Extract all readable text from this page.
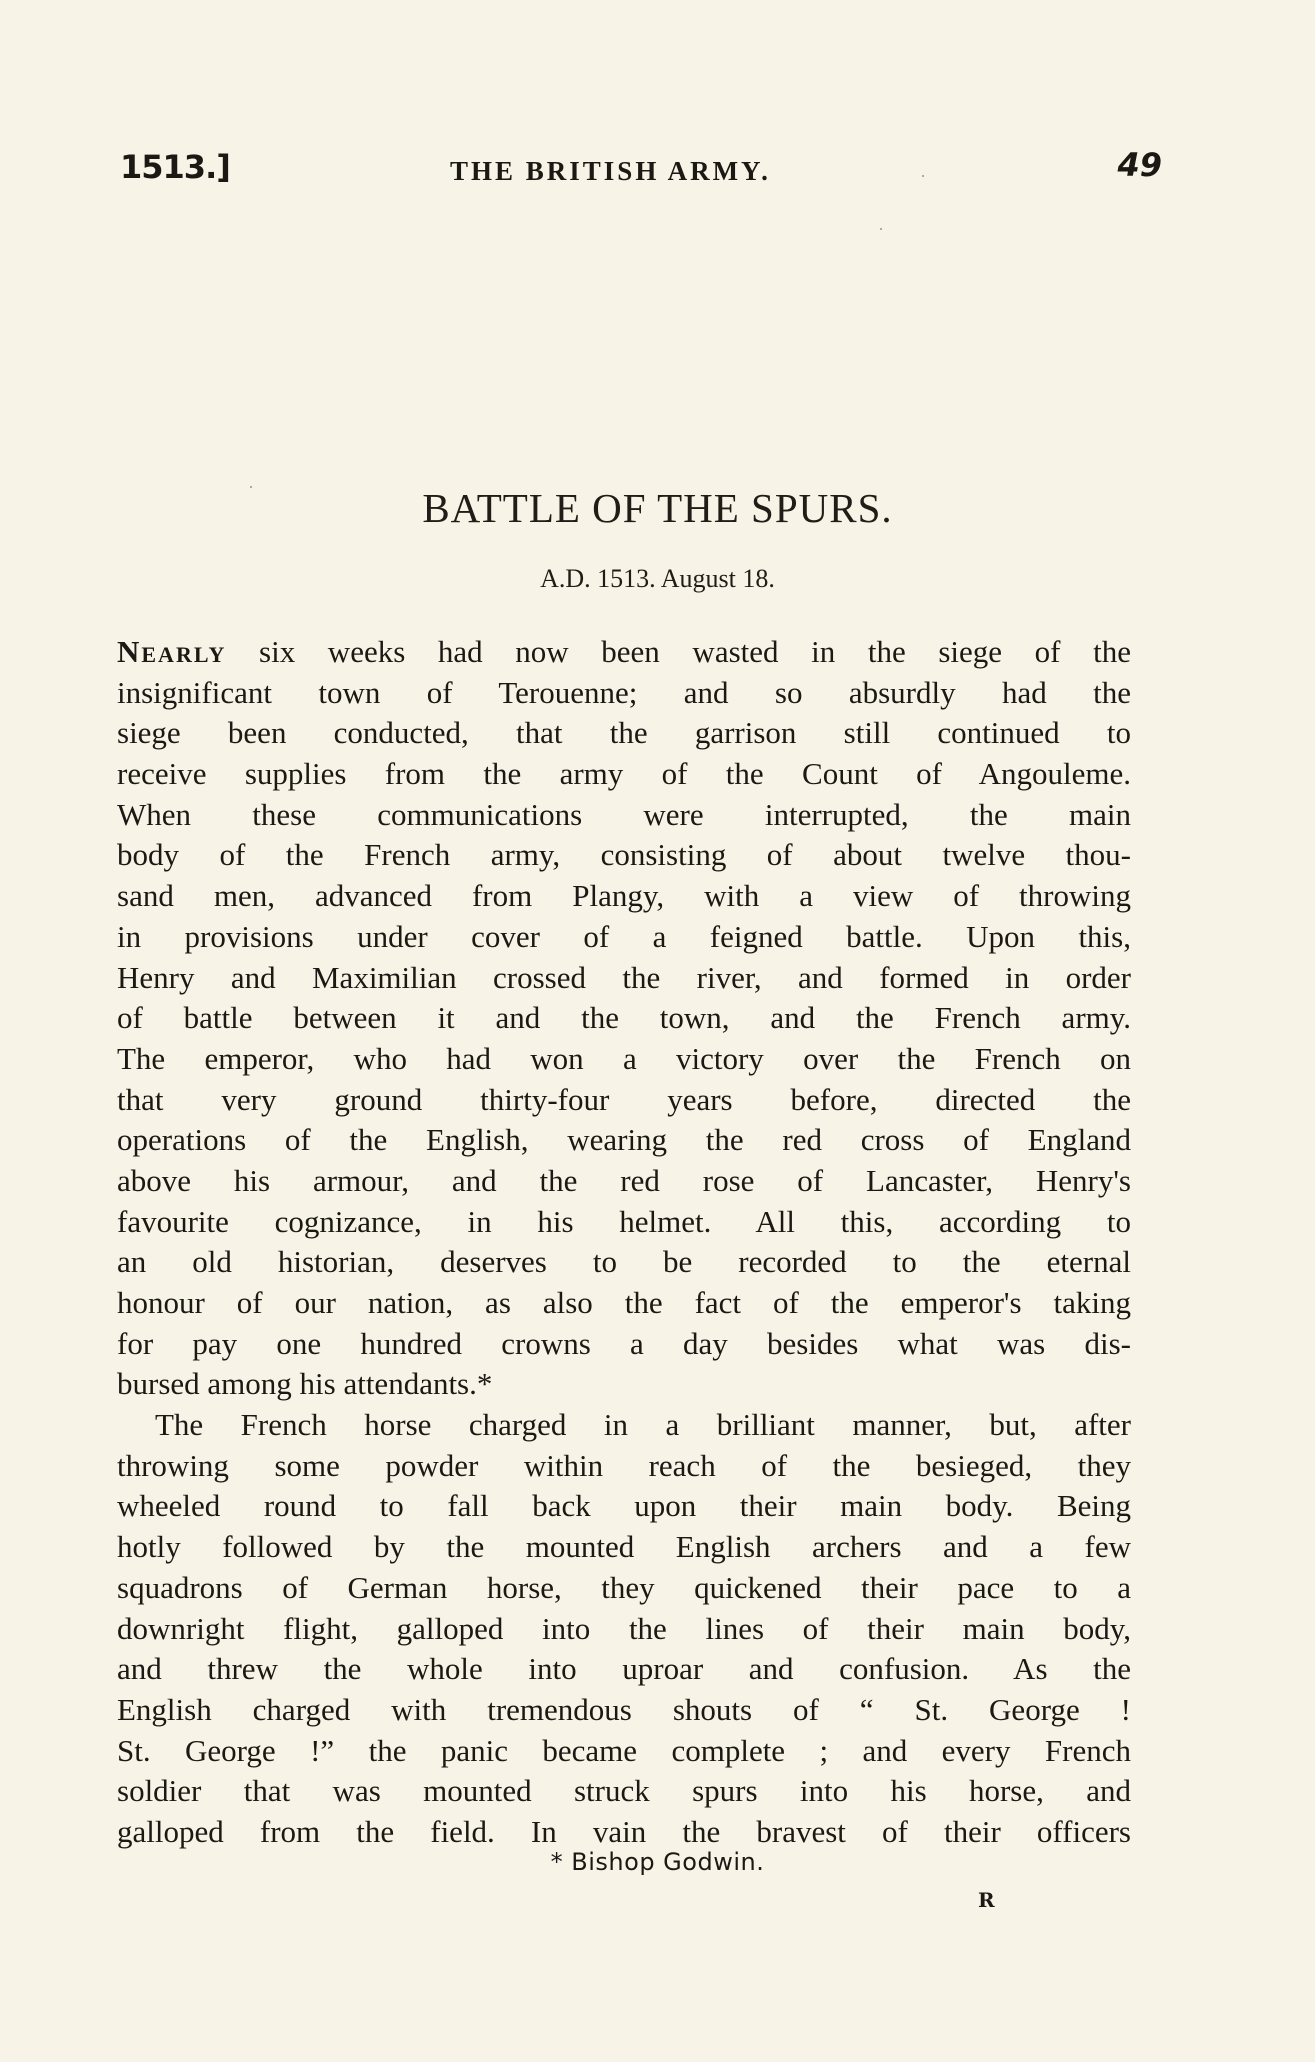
1513.]	THE BRITISH ARMY.	49
BATTLE OF THE SPURS.
A.D. 1513. August 18.
Nearly six weeks had now been wasted in the siege of the
insignificant town of Terouenne; and so absurdly had the
siege been conducted, that the garrison still continued to
receive supplies from the army of the Count of Angouleme.
When these communications were interrupted, the main
body of the French army, consisting of about twelve thou-
sand men, advanced from Plangy, with a view of throwing
in provisions under cover of a feigned battle. Upon this,
Henry and Maximilian crossed the river, and formed in order
of battle between it and the town, and the French army.
The emperor, who had won a victory over the French on
that very ground thirty-four years before, directed the
operations of the English, wearing the red cross of England
above his armour, and the red rose of Lancaster, Henry's
favourite cognizance, in his helmet. All this, according to
an old historian, deserves to be recorded to the eternal
honour of our nation, as also the fact of the emperor's taking
for pay one hundred crowns a day besides what was dis-
bursed among his attendants.*
The French horse charged in a brilliant manner, but, after
throwing some powder within reach of the besieged, they
wheeled round to fall back upon their main body. Being
hotly followed by the mounted English archers and a few
squadrons of German horse, they quickened their pace to a
downright flight, galloped into the lines of their main body,
and threw the whole into uproar and confusion. As the
English charged with tremendous shouts of “ St. George !
St. George !” the panic became complete ; and every French
soldier that was mounted struck spurs into his horse, and
galloped from the field. In vain the bravest of their officers
* Bishop Godwin.
R
